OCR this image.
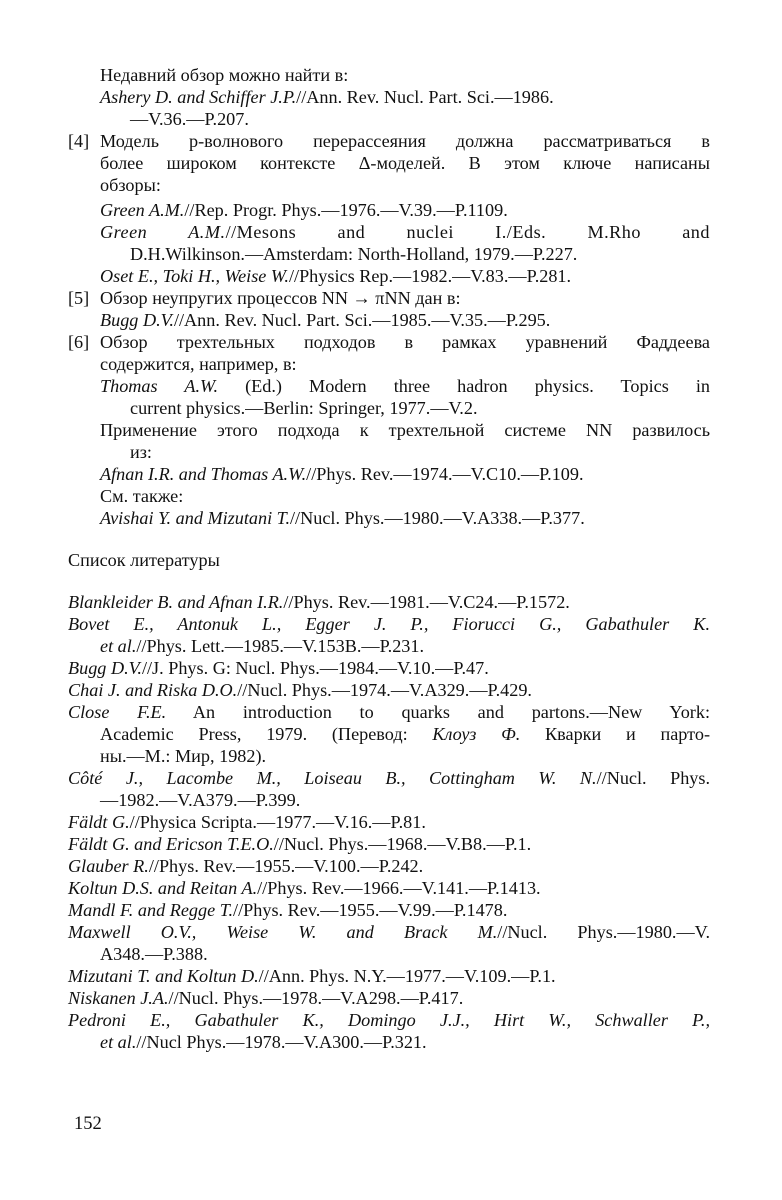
Недавний обзор можно найти в:
Ashery D. and Schiffer J.P.//Ann. Rev. Nucl. Part. Sci.—1986.
—V.36.—P.207.
[4] Модель p-волнового перерассеяния должна рассматриваться в
более широком контексте Δ-моделей. В этом ключе написаны
обзоры:
Green A.M.//Rep. Progr. Phys.—1976.—V.39.—P.1109.
Green A.M.//Mesons and nuclei I./Eds. M.Rho and
D.H.Wilkinson.—Amsterdam: North-Holland, 1979.—P.227.
Oset E., Toki H., Weise W.//Physics Rep.—1982.—V.83.—P.281.
[5] Обзор неупругих процессов NN → πNN дан в:
Bugg D.V.//Ann. Rev. Nucl. Part. Sci.—1985.—V.35.—P.295.
[6] Обзор трехтельных подходов в рамках уравнений Фаддеева
содержится, например, в:
Thomas A.W. (Ed.) Modern three hadron physics. Topics in
current physics.—Berlin: Springer, 1977.—V.2.
Применение этого подхода к трехтельной системе NN развилось
из:
Afnan I.R. and Thomas A.W.//Phys. Rev.—1974.—V.C10.—P.109.
См. также:
Avishai Y. and Mizutani T.//Nucl. Phys.—1980.—V.A338.—P.377.
Список литературы
Blankleider B. and Afnan I.R.//Phys. Rev.—1981.—V.C24.—P.1572.
Bovet E., Antonuk L., Egger J. P., Fiorucci G., Gabathuler K.
et al.//Phys. Lett.—1985.—V.153B.—P.231.
Bugg D.V.//J. Phys. G: Nucl. Phys.—1984.—V.10.—P.47.
Chai J. and Riska D.O.//Nucl. Phys.—1974.—V.A329.—P.429.
Close F.E. An introduction to quarks and partons.—New York:
Academic Press, 1979. (Перевод: Клоуз Ф. Кварки и парто-
ны.—М.: Мир, 1982).
Côté J., Lacombe M., Loiseau B., Cottingham W. N.//Nucl. Phys.
—1982.—V.A379.—P.399.
Fäldt G.//Physica Scripta.—1977.—V.16.—P.81.
Fäldt G. and Ericson T.E.O.//Nucl. Phys.—1968.—V.B8.—P.1.
Glauber R.//Phys. Rev.—1955.—V.100.—P.242.
Koltun D.S. and Reitan A.//Phys. Rev.—1966.—V.141.—P.1413.
Mandl F. and Regge T.//Phys. Rev.—1955.—V.99.—P.1478.
Maxwell O.V., Weise W. and Brack M.//Nucl. Phys.—1980.—V.
A348.—P.388.
Mizutani T. and Koltun D.//Ann. Phys. N.Y.—1977.—V.109.—P.1.
Niskanen J.A.//Nucl. Phys.—1978.—V.A298.—P.417.
Pedroni E., Gabathuler K., Domingo J.J., Hirt W., Schwaller P.,
et al.//Nucl Phys.—1978.—V.A300.—P.321.
152
